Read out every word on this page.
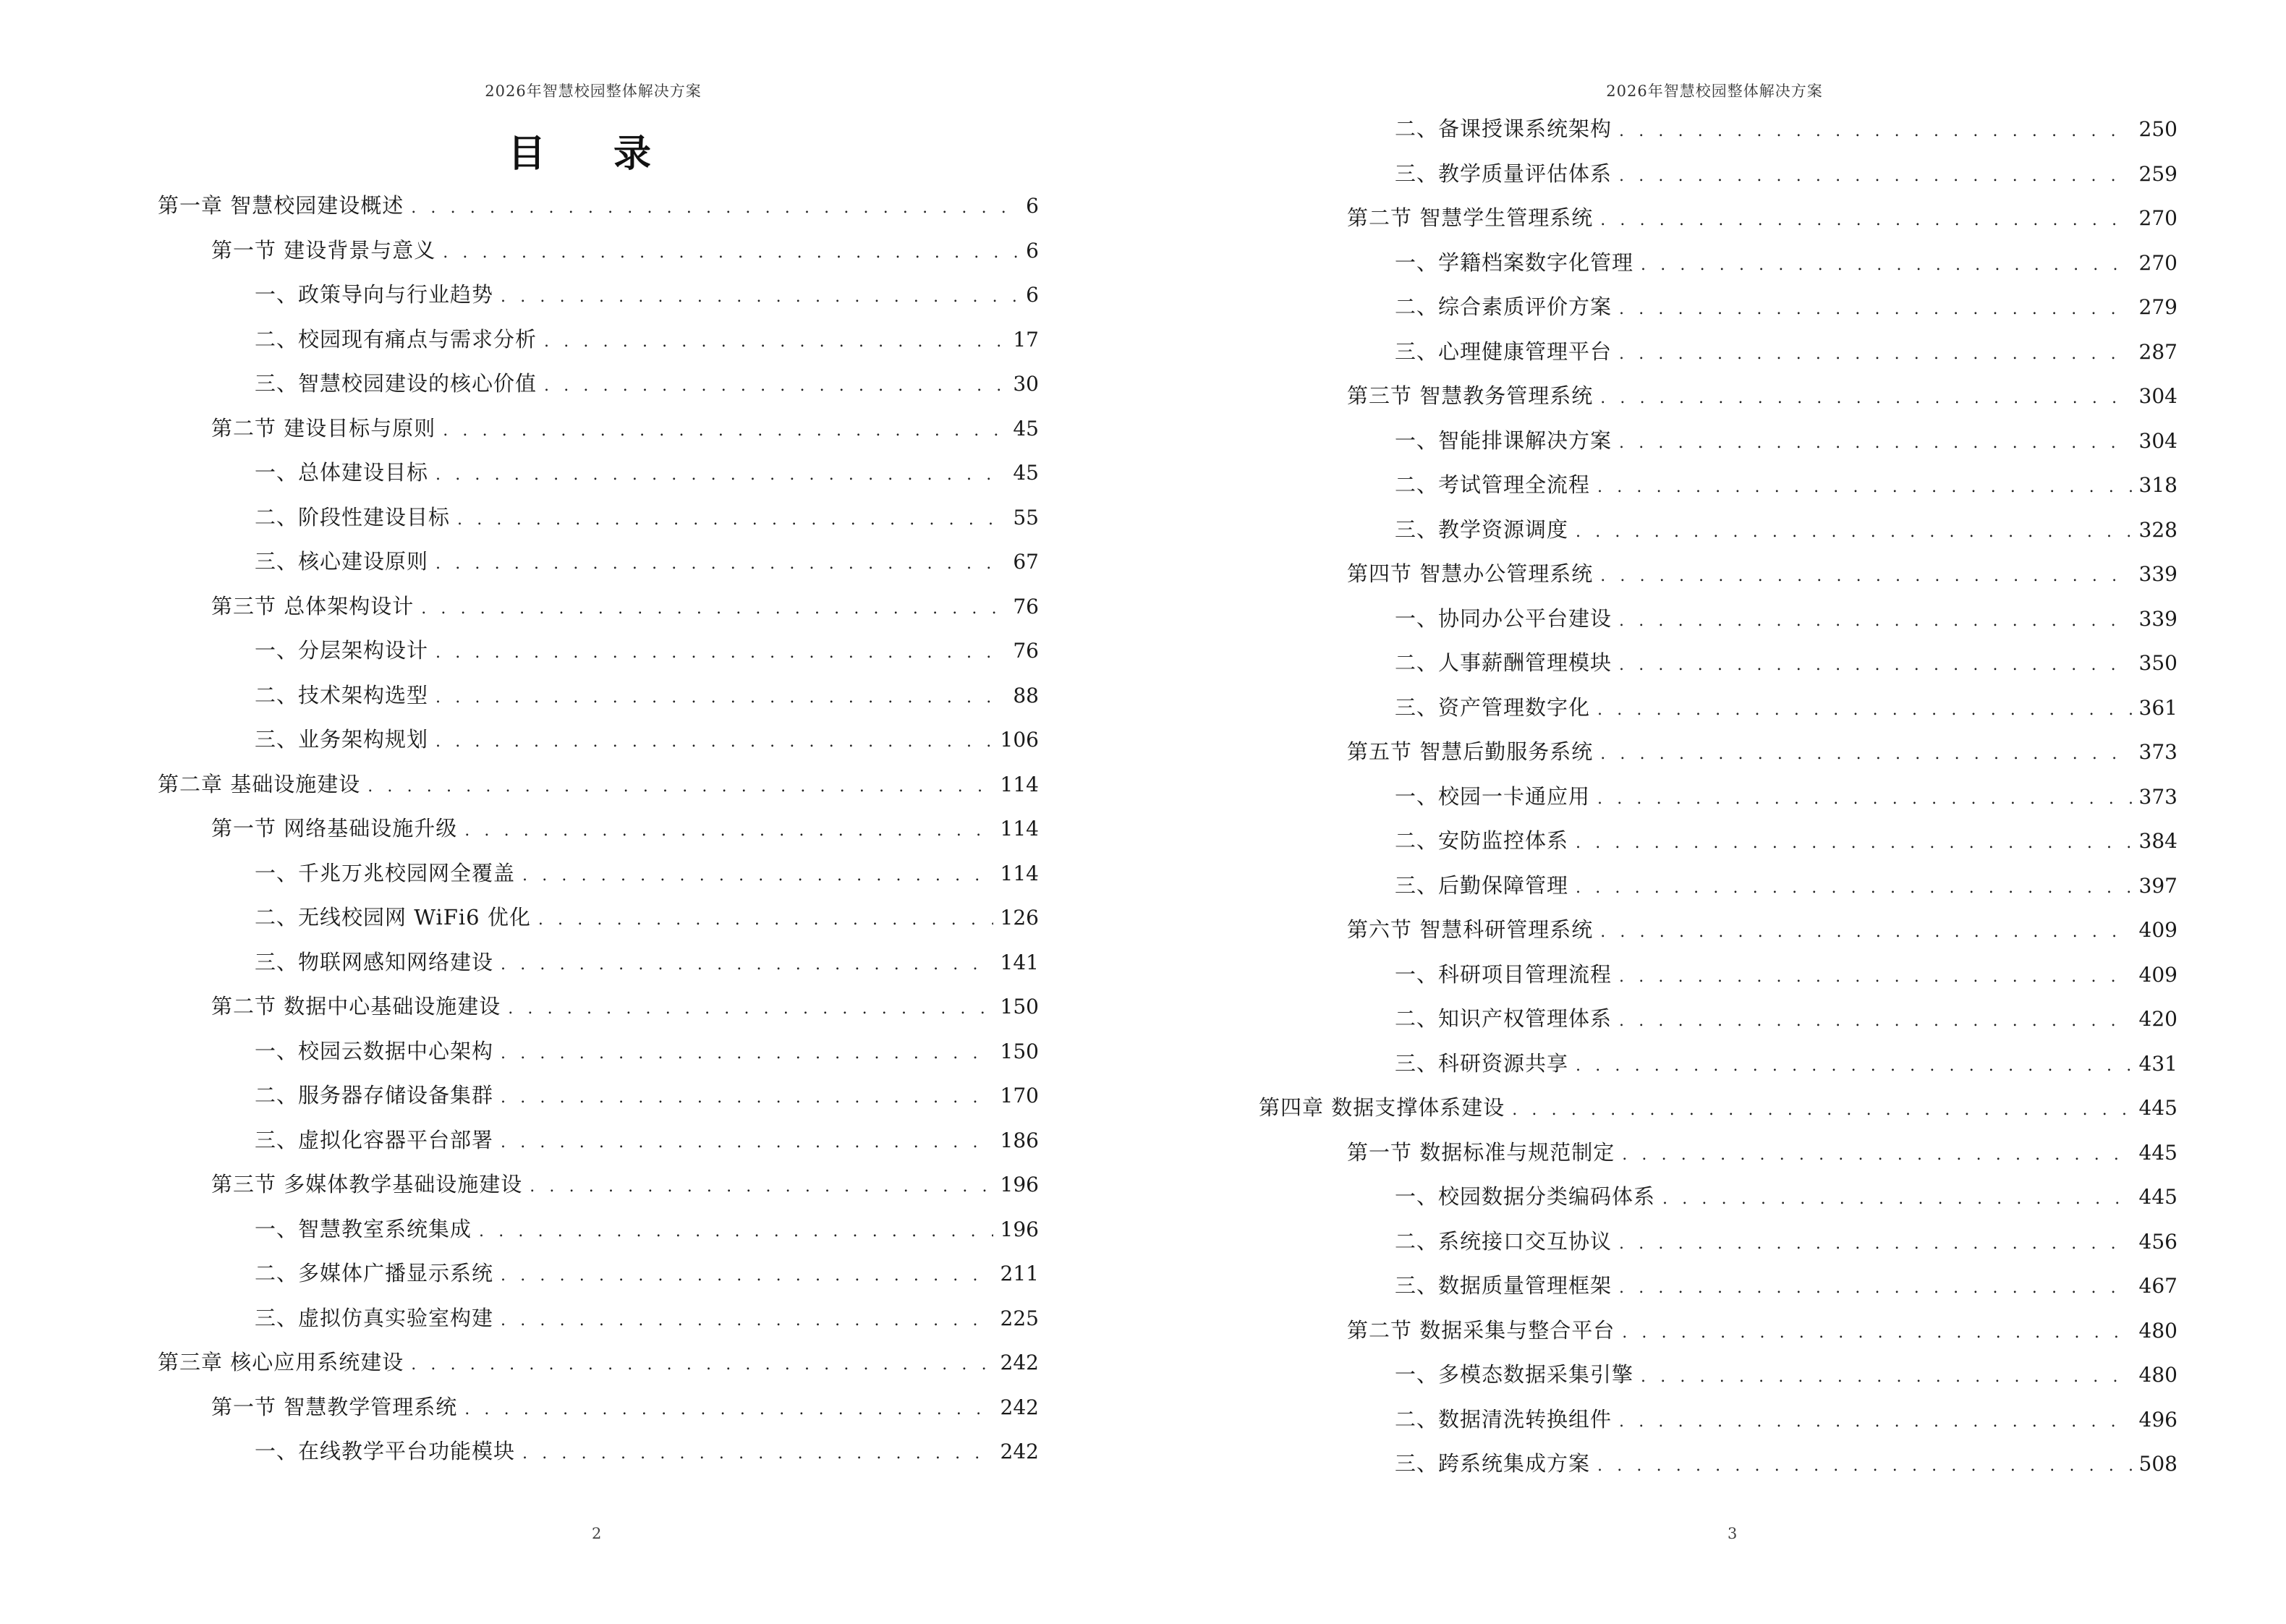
2026年智慧校园整体解决方案
目 录
第一章 智慧校园建设概述 . . .	6
第一节 建设背景与意义 . . .	6
一、政策导向与行业趋势 . . .	6
二、校园现有痛点与需求分析 . . .	17
三、智慧校园建设的核心价值 . . .	30
第二节 建设目标与原则 . . .	45
一、总体建设目标 . . .	45
二、阶段性建设目标 . . .	55
三、核心建设原则 . . .	67
第三节 总体架构设计 . . .	76
一、分层架构设计 . . .	76
二、技术架构选型 . . .	88
三、业务架构规划 . . .	106
第二章 基础设施建设 . . .	114
第一节 网络基础设施升级 . . .	114
一、千兆万兆校园网全覆盖 . . .	114
二、无线校园网 WiFi6 优化 . . .	126
三、物联网感知网络建设 . . .	141
第二节 数据中心基础设施建设 . . .	150
一、校园云数据中心架构 . . .	150
二、服务器存储设备集群 . . .	170
三、虚拟化容器平台部署 . . .	186
第三节 多媒体教学基础设施建设 . . .	196
一、智慧教室系统集成 . . .	196
二、多媒体广播显示系统 . . .	211
三、虚拟仿真实验室构建 . . .	225
第三章 核心应用系统建设 . . .	242
第一节 智慧教学管理系统 . . .	242
一、在线教学平台功能模块 . . .	242
2
2026年智慧校园整体解决方案
二、备课授课系统架构 . . .	250
三、教学质量评估体系 . . .	259
第二节 智慧学生管理系统 . . .	270
一、学籍档案数字化管理 . . .	270
二、综合素质评价方案 . . .	279
三、心理健康管理平台 . . .	287
第三节 智慧教务管理系统 . . .	304
一、智能排课解决方案 . . .	304
二、考试管理全流程 . . .	318
三、教学资源调度 . . .	328
第四节 智慧办公管理系统 . . .	339
一、协同办公平台建设 . . .	339
二、人事薪酬管理模块 . . .	350
三、资产管理数字化 . . .	361
第五节 智慧后勤服务系统 . . .	373
一、校园一卡通应用 . . .	373
二、安防监控体系 . . .	384
三、后勤保障管理 . . .	397
第六节 智慧科研管理系统 . . .	409
一、科研项目管理流程 . . .	409
二、知识产权管理体系 . . .	420
三、科研资源共享 . . .	431
第四章 数据支撑体系建设 . . .	445
第一节 数据标准与规范制定 . . .	445
一、校园数据分类编码体系 . . .	445
二、系统接口交互协议 . . .	456
三、数据质量管理框架 . . .	467
第二节 数据采集与整合平台 . . .	480
一、多模态数据采集引擎 . . .	480
二、数据清洗转换组件 . . .	496
三、跨系统集成方案 . . .	508
3
